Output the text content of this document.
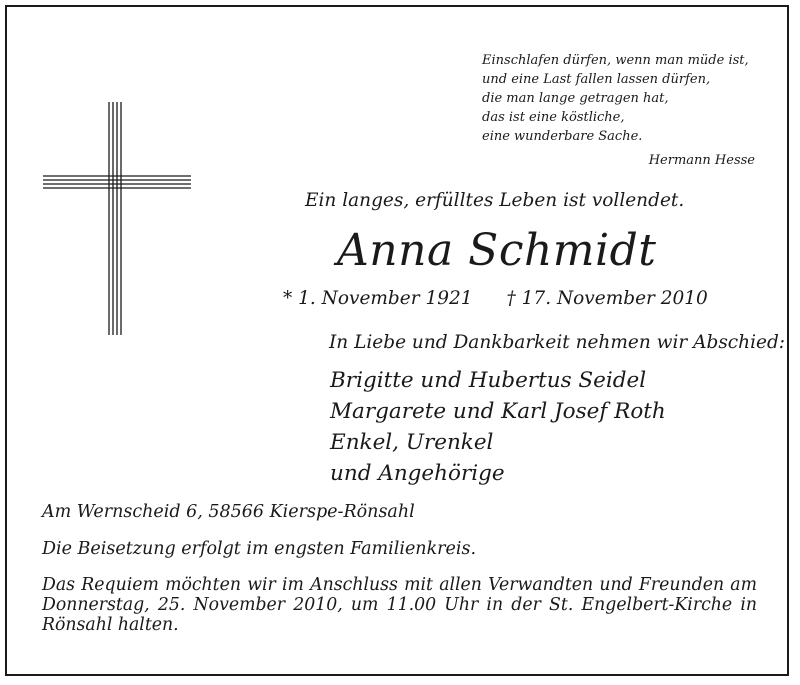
Einschlafen dürfen, wenn man müde ist,
und eine Last fallen lassen dürfen,
die man lange getragen hat,
das ist eine köstliche,
eine wunderbare Sache.
Hermann Hesse
Ein langes, erfülltes Leben ist vollendet.
Anna Schmidt
* 1. November 1921 † 17. November 2010
In Liebe und Dankbarkeit nehmen wir Abschied:
Brigitte und Hubertus Seidel
Margarete und Karl Josef Roth
Enkel, Urenkel
und Angehörige
Am Wernscheid 6, 58566 Kierspe-Rönsahl
Die Beisetzung erfolgt im engsten Familienkreis.
Das Requiem möchten wir im Anschluss mit allen Verwandten und Freunden am Donnerstag, 25. November 2010, um 11.00 Uhr in der St. Engelbert-Kirche in Rönsahl halten.
